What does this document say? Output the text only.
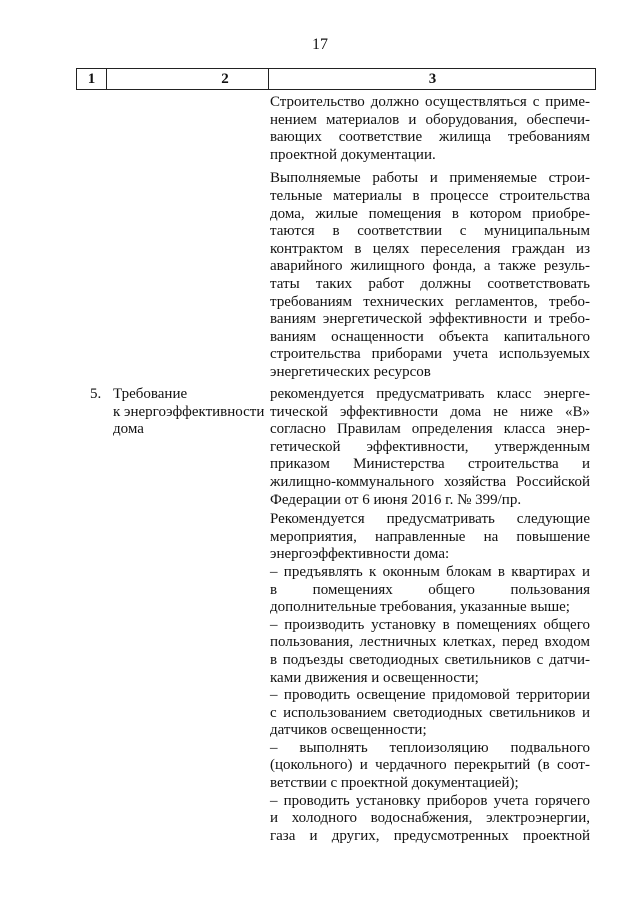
17
1	2	3
Строительство должно осуществляться с приме-
нением материалов и оборудования, обеспечи-
вающих соответствие жилища требованиям
проектной документации.
Выполняемые работы и применяемые строи-
тельные материалы в процессе строительства
дома, жилые помещения в котором приобре-
таются в соответствии с муниципальным
контрактом в целях переселения граждан из
аварийного жилищного фонда, а также резуль-
таты таких работ должны соответствовать
требованиям технических регламентов, требо-
ваниям энергетической эффективности и требо-
ваниям оснащенности объекта капитального
строительства приборами учета используемых
энергетических ресурсов
5. Требование
к энергоэффективности
дома
рекомендуется предусматривать класс энерге-
тической эффективности дома не ниже «B»
согласно Правилам определения класса энер-
гетической эффективности, утвержденным
приказом Министерства строительства и
жилищно-коммунального хозяйства Российской
Федерации от 6 июня 2016 г. № 399/пр.
Рекомендуется предусматривать следующие
мероприятия, направленные на повышение
энергоэффективности дома:
– предъявлять к оконным блокам в квартирах и
в помещениях общего пользования
дополнительные требования, указанные выше;
– производить установку в помещениях общего
пользования, лестничных клетках, перед входом
в подъезды светодиодных светильников с датчи-
ками движения и освещенности;
– проводить освещение придомовой территории
с использованием светодиодных светильников и
датчиков освещенности;
– выполнять теплоизоляцию подвального
(цокольного) и чердачного перекрытий (в соот-
ветствии с проектной документацией);
– проводить установку приборов учета горячего
и холодного водоснабжения, электроэнергии,
газа и других, предусмотренных проектной
